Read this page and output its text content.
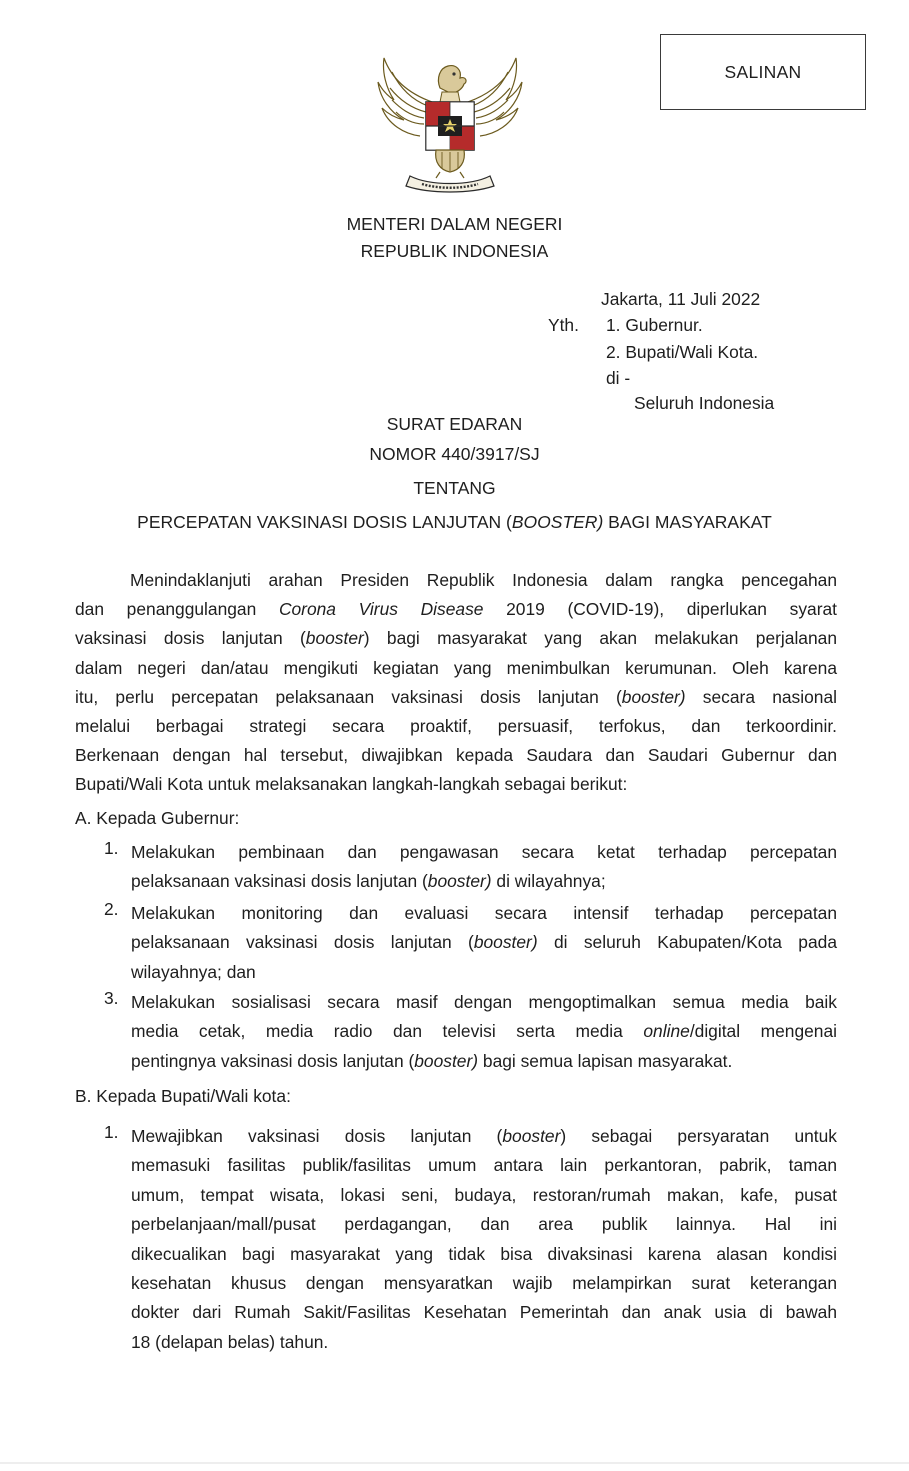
SALINAN
MENTERI DALAM NEGERI
REPUBLIK INDONESIA
Jakarta, 11 Juli 2022
Yth. 1. Gubernur.
2. Bupati/Wali Kota.
di -
Seluruh Indonesia
SURAT EDARAN
NOMOR 440/3917/SJ
TENTANG
PERCEPATAN VAKSINASI DOSIS LANJUTAN (BOOSTER) BAGI MASYARAKAT
Menindaklanjuti arahan Presiden Republik Indonesia dalam rangka pencegahan
dan penanggulangan Corona Virus Disease 2019 (COVID-19), diperlukan syarat
vaksinasi dosis lanjutan (booster) bagi masyarakat yang akan melakukan perjalanan
dalam negeri dan/atau mengikuti kegiatan yang menimbulkan kerumunan. Oleh karena
itu, perlu percepatan pelaksanaan vaksinasi dosis lanjutan (booster) secara nasional
melalui berbagai strategi secara proaktif, persuasif, terfokus, dan terkoordinir.
Berkenaan dengan hal tersebut, diwajibkan kepada Saudara dan Saudari Gubernur dan
Bupati/Wali Kota untuk melaksanakan langkah-langkah sebagai berikut:
A. Kepada Gubernur:
1. Melakukan pembinaan dan pengawasan secara ketat terhadap percepatan
pelaksanaan vaksinasi dosis lanjutan (booster) di wilayahnya;
2. Melakukan monitoring dan evaluasi secara intensif terhadap percepatan
pelaksanaan vaksinasi dosis lanjutan (booster) di seluruh Kabupaten/Kota pada
wilayahnya; dan
3. Melakukan sosialisasi secara masif dengan mengoptimalkan semua media baik
media cetak, media radio dan televisi serta media online/digital mengenai
pentingnya vaksinasi dosis lanjutan (booster) bagi semua lapisan masyarakat.
B. Kepada Bupati/Wali kota:
1. Mewajibkan vaksinasi dosis lanjutan (booster) sebagai persyaratan untuk
memasuki fasilitas publik/fasilitas umum antara lain perkantoran, pabrik, taman
umum, tempat wisata, lokasi seni, budaya, restoran/rumah makan, kafe, pusat
perbelanjaan/mall/pusat perdagangan, dan area publik lainnya. Hal ini
dikecualikan bagi masyarakat yang tidak bisa divaksinasi karena alasan kondisi
kesehatan khusus dengan mensyaratkan wajib melampirkan surat keterangan
dokter dari Rumah Sakit/Fasilitas Kesehatan Pemerintah dan anak usia di bawah
18 (delapan belas) tahun.
